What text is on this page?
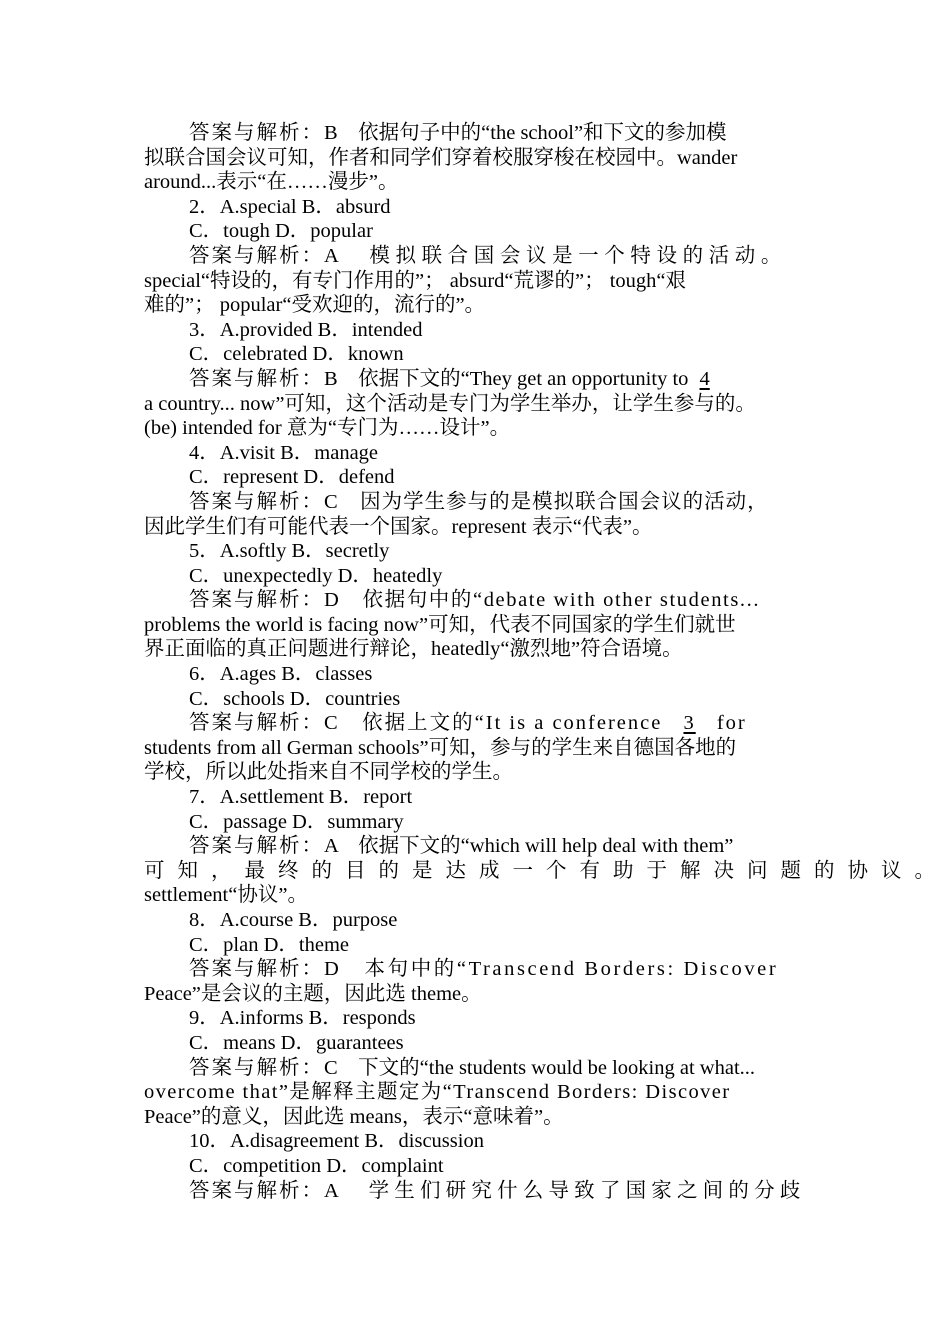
答案与解析：B　依据句子中的“the school”和下文的参加模
拟联合国会议可知，作者和同学们穿着校服穿梭在校园中。wander
around...表示“在……漫步”。
2．A.special B．absurd
C．tough D．popular
答案与解析：A　模拟联合国会议是一个特设的活动。
special“特设的，有专门作用的”； absurd“荒谬的”； tough“艰
难的”； popular“受欢迎的，流行的”。
3．A.provided B．intended
C．celebrated D．known
答案与解析：B　依据下文的“They get an opportunity to 4
a country... now”可知，这个活动是专门为学生举办，让学生参与的。
(be) intended for 意为“专门为……设计”。
4．A.visit B．manage
C．represent D．defend
答案与解析：C　因为学生参与的是模拟联合国会议的活动，
因此学生们有可能代表一个国家。represent 表示“代表”。
5．A.softly B．secretly
C．unexpectedly D．heatedly
答案与解析：D　依据句中的“debate with other students...
problems the world is facing now”可知，代表不同国家的学生们就世
界正面临的真正问题进行辩论，heatedly“激烈地”符合语境。
6．A.ages B．classes
C．schools D．countries
答案与解析：C　依据上文的“It is a conference 3 for
students from all German schools”可知，参与的学生来自德国各地的
学校，所以此处指来自不同学校的学生。
7．A.settlement B．report
C．passage D．summary
答案与解析：A　依据下文的“which will help deal with them”
可知，最终的目的是达成一个有助于解决问题的协议。
settlement“协议”。
8．A.course B．purpose
C．plan D．theme
答案与解析：D　本句中的“Transcend Borders: Discover
Peace”是会议的主题，因此选 theme。
9．A.informs B．responds
C．means D．guarantees
答案与解析：C　下文的“the students would be looking at what...
overcome that”是解释主题定为“Transcend Borders: Discover
Peace”的意义，因此选 means，表示“意味着”。
10．A.disagreement B．discussion
C．competition D．complaint
答案与解析：A　学生们研究什么导致了国家之间的分歧
